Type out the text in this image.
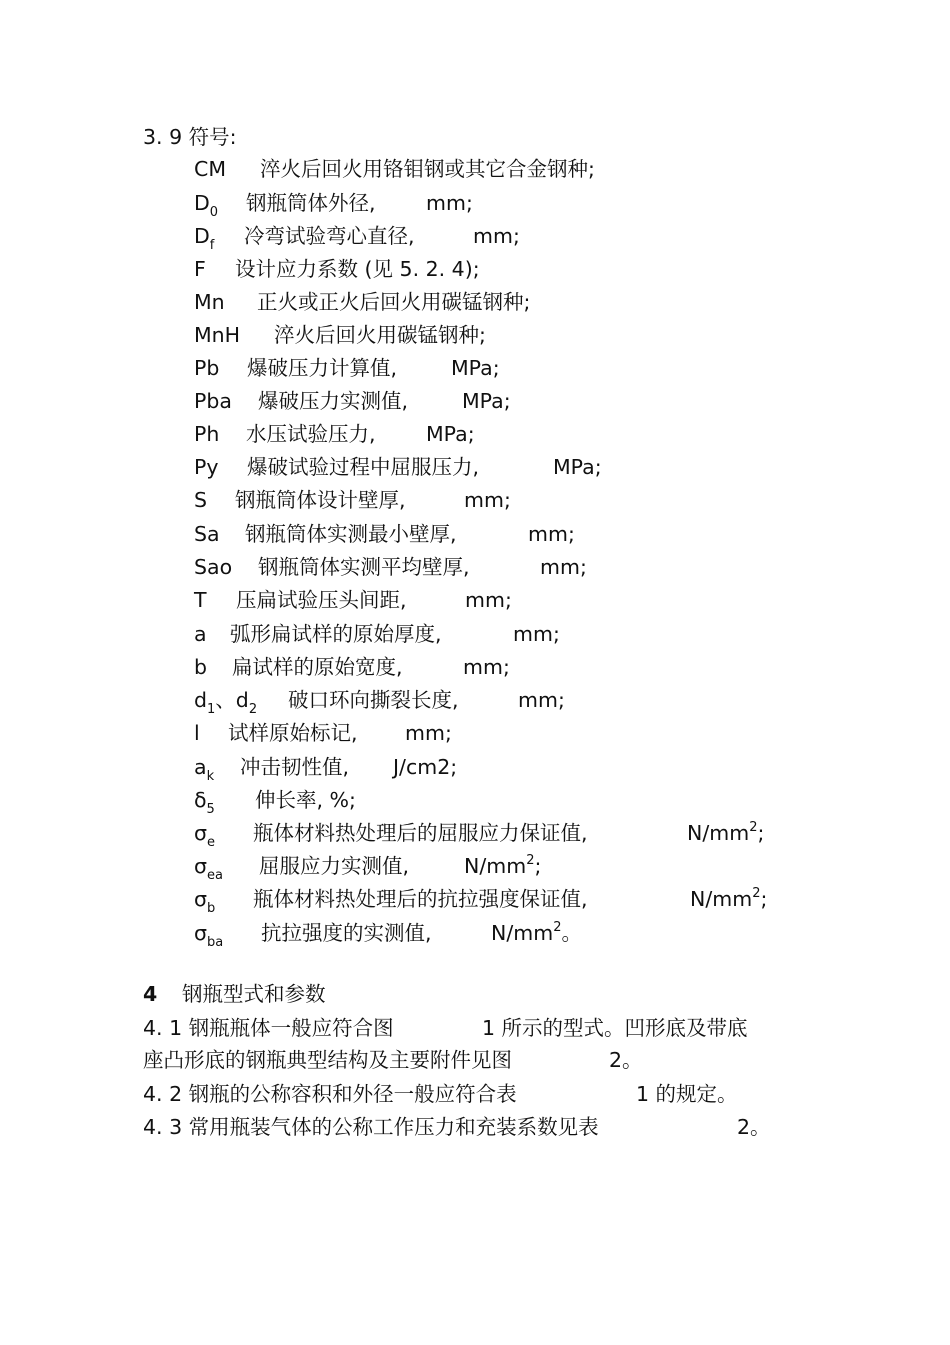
3. 9 符号:
CM 淬火后回火用铬钼钢或其它合金钢种;
$D_0$ 钢瓶筒体外径, mm;
$D_f$ 冷弯试验弯心直径,	mm;
F 设计应力系数 (见 5. 2. 4);
Mn 正火或正火后回火用碳锰钢种;
MnH 淬火后回火用碳锰钢种;
Pb 爆破压力计算值,	MPa;
Pba 爆破压力实测值,	MPa;
Ph 水压试验压力, MPa;
Py 爆破试验过程中屈服压力,	MPa;
S 钢瓶筒体设计壁厚,	mm;
Sa 钢瓶筒体实测最小壁厚,	mm;
Sao 钢瓶筒体实测平均壁厚,	mm;
T 压扁试验压头间距,	mm;
a 弧形扁试样的原始厚度,	mm;
b 扁试样的原始宽度,	mm;
$d_1$、$d_2$ 破口环向撕裂长度,	mm;
l 试样原始标记, mm;
$a_k$ 冲击韧性值, J/cm2;
$\delta_5$ 伸长率, %;
$\sigma_e$ 瓶体材料热处理后的屈服应力保证值,	$N/mm^2$;
$\sigma_{ea}$ 屈服应力实测值,	$N/mm^2$;
$\sigma_b$ 瓶体材料热处理后的抗拉强度保证值,	$N/mm^2$;
$\sigma_{ba}$ 抗拉强度的实测值,	$N/mm^2$。
4 钢瓶型式和参数
4. 1 钢瓶瓶体一般应符合图	1 所示的型式。凹形底及带底
座凸形底的钢瓶典型结构及主要附件见图	2。
4. 2 钢瓶的公称容积和外径一般应符合表	1 的规定。
4. 3 常用瓶装气体的公称工作压力和充装系数见表	2。
